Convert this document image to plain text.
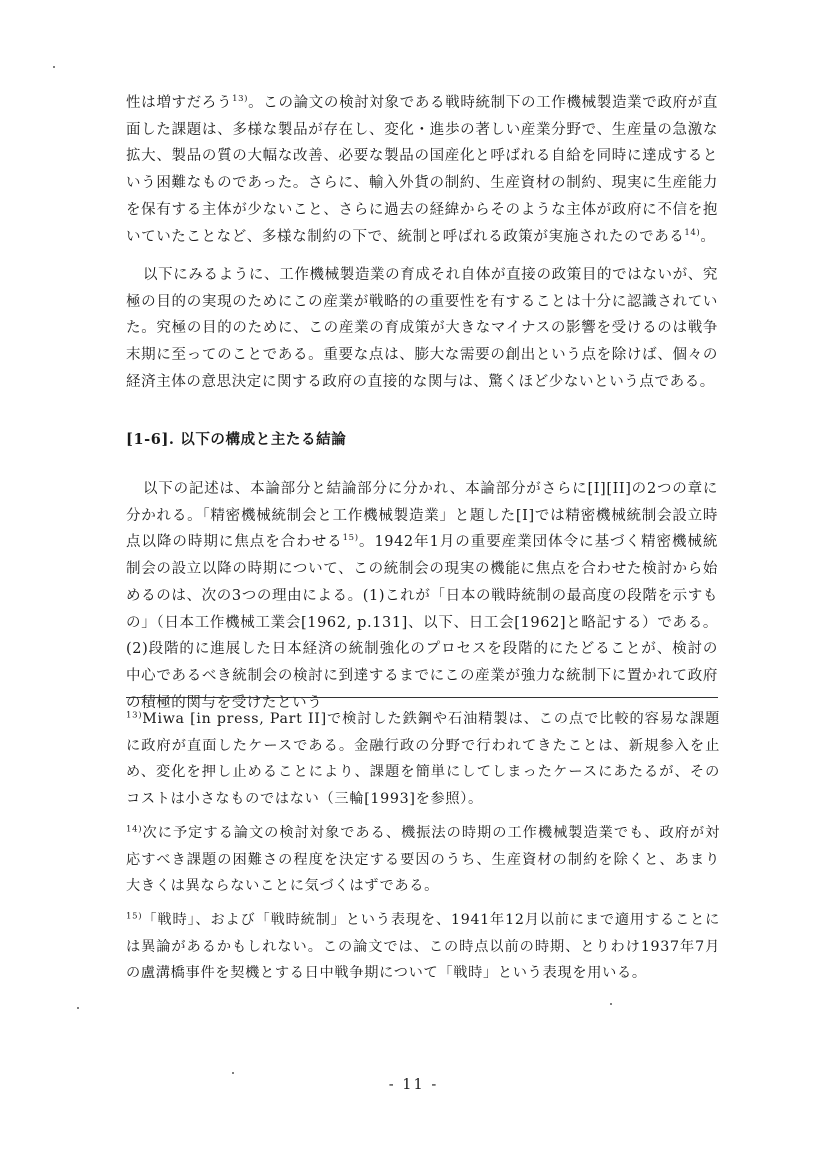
性は増すだろう$^{13)}$。この論文の検討対象である戦時統制下の工作機械製造業で政府が直面した課題は、多様な製品が存在し、変化・進歩の著しい産業分野で、生産量の急激な拡大、製品の質の大幅な改善、必要な製品の国産化と呼ばれる自給を同時に達成するという困難なものであった。さらに、輸入外貨の制約、生産資材の制約、現実に生産能力を保有する主体が少ないこと、さらに過去の経緯からそのような主体が政府に不信を抱いていたことなど、多様な制約の下で、統制と呼ばれる政策が実施されたのである$^{14)}$。

以下にみるように、工作機械製造業の育成それ自体が直接の政策目的ではないが、究極の目的の実現のためにこの産業が戦略的の重要性を有することは十分に認識されていた。究極の目的のために、この産業の育成策が大きなマイナスの影響を受けるのは戦争末期に至ってのことである。重要な点は、膨大な需要の創出という点を除けば、個々の経済主体の意思決定に関する政府の直接的な関与は、驚くほど少ないという点である。

[1-6]. 以下の構成と主たる結論

以下の記述は、本論部分と結論部分に分かれ、本論部分がさらに[I][II]の2つの章に分かれる。「精密機械統制会と工作機械製造業」と題した[I]では精密機械統制会設立時点以降の時期に焦点を合わせる$^{15)}$。1942年1月の重要産業団体令に基づく精密機械統制会の設立以降の時期について、この統制会の現実の機能に焦点を合わせた検討から始めるのは、次の3つの理由による。(1)これが「日本の戦時統制の最高度の段階を示すもの」（日本工作機械工業会[1962, p.131]、以下、日工会[1962]と略記する）である。(2)段階的に進展した日本経済の統制強化のプロセスを段階的にたどることが、検討の中心であるべき統制会の検討に到達するまでにこの産業が強力な統制下に置かれて政府の積極的関与を受けたという

$^{13)}$Miwa [in press, Part II]で検討した鉄鋼や石油精製は、この点で比較的容易な課題に政府が直面したケースである。金融行政の分野で行われてきたことは、新規参入を止め、変化を押し止めることにより、課題を簡単にしてしまったケースにあたるが、そのコストは小さなものではない（三輪[1993]を参照）。

$^{14)}$次に予定する論文の検討対象である、機振法の時期の工作機械製造業でも、政府が対応すべき課題の困難さの程度を決定する要因のうち、生産資材の制約を除くと、あまり大きくは異ならないことに気づくはずである。

$^{15)}$「戦時」、および「戦時統制」という表現を、1941年12月以前にまで適用することには異論があるかもしれない。この論文では、この時点以前の時期、とりわけ1937年7月の盧溝橋事件を契機とする日中戦争期について「戦時」という表現を用いる。

- 11 -
